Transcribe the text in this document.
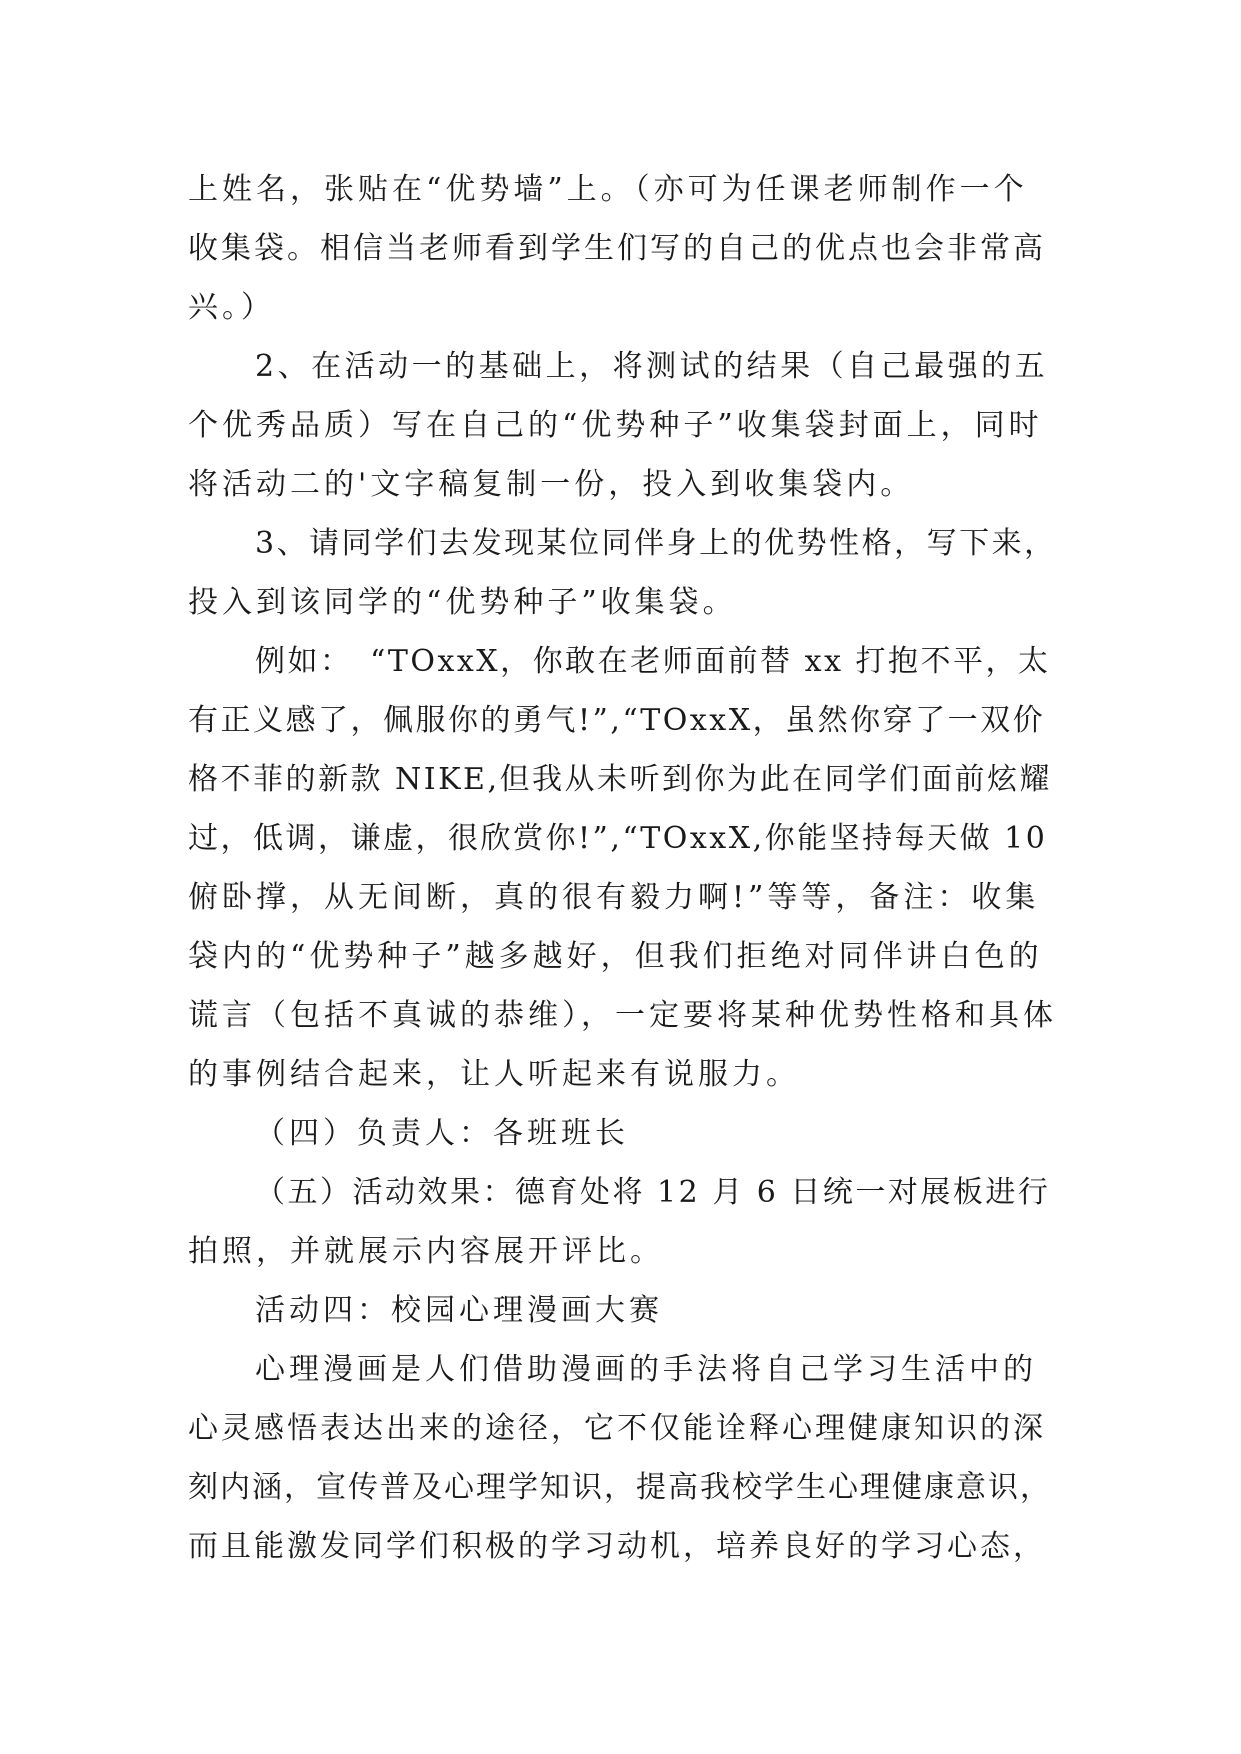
上姓名，张贴在“优势墙”上。（亦可为任课老师制作一个
收集袋。相信当老师看到学生们写的自己的优点也会非常高
兴。）
2、在活动一的基础上，将测试的结果（自己最强的五
个优秀品质）写在自己的“优势种子”收集袋封面上，同时
将活动二的'文字稿复制一份，投入到收集袋内。
3、请同学们去发现某位同伴身上的优势性格，写下来，
投入到该同学的“优势种子”收集袋。
例如：　“TOxxX，你敢在老师面前替 xx 打抱不平，太
有正义感了，佩服你的勇气!”,“TOxxX，虽然你穿了一双价
格不菲的新款 NIKE,但我从未听到你为此在同学们面前炫耀
过，低调，谦虚，很欣赏你!”,“TOxxX,你能坚持每天做 10
俯卧撑，从无间断，真的很有毅力啊!”等等，备注：收集
袋内的“优势种子”越多越好，但我们拒绝对同伴讲白色的
谎言（包括不真诚的恭维），一定要将某种优势性格和具体
的事例结合起来，让人听起来有说服力。
（四）负责人：各班班长
（五）活动效果：德育处将 12 月 6 日统一对展板进行
拍照，并就展示内容展开评比。
活动四：校园心理漫画大赛
心理漫画是人们借助漫画的手法将自己学习生活中的
心灵感悟表达出来的途径，它不仅能诠释心理健康知识的深
刻内涵，宣传普及心理学知识，提高我校学生心理健康意识，
而且能激发同学们积极的学习动机，培养良好的学习心态，
